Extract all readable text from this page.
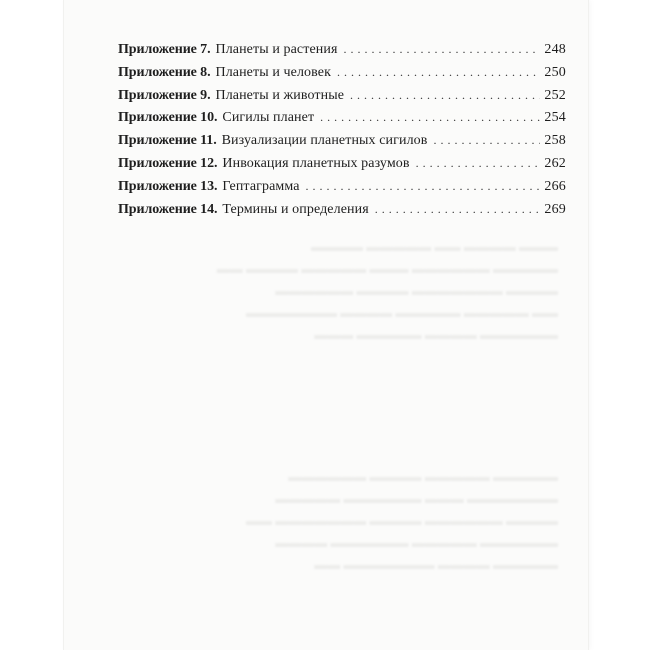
▬▬▬ ▬▬▬▬ ▬▬ ▬▬▬▬▬ ▬▬▬▬
▬▬▬▬▬ ▬▬▬▬▬▬ ▬▬▬ ▬▬▬▬▬ ▬▬▬▬ ▬▬
▬▬▬▬ ▬▬▬▬▬▬▬ ▬▬▬▬ ▬▬▬▬▬▬
▬▬ ▬▬▬▬▬ ▬▬▬▬▬ ▬▬▬▬ ▬▬▬▬▬▬▬
▬▬▬▬▬▬ ▬▬▬▬ ▬▬▬▬▬ ▬▬▬
▬▬▬▬▬ ▬▬▬▬▬ ▬▬▬▬ ▬▬▬▬▬▬
▬▬▬▬▬▬▬ ▬▬▬ ▬▬▬▬▬▬ ▬▬▬▬▬
▬▬▬▬ ▬▬▬▬▬▬ ▬▬▬▬ ▬▬▬▬▬▬▬ ▬▬
▬▬▬▬▬▬ ▬▬▬▬▬ ▬▬▬▬▬▬ ▬▬▬▬
▬▬▬▬▬ ▬▬▬▬ ▬▬▬▬▬▬▬ ▬▬
Приложение 7. Планеты и растения . . .	248
Приложение 8. Планеты и человек . . .	250
Приложение 9. Планеты и животные . . .	252
Приложение 10. Сигилы планет . . .	254
Приложение 11. Визуализации планетных сигилов . . .	258
Приложение 12. Инвокация планетных разумов . . .	262
Приложение 13. Гептаграмма . . .	266
Приложение 14. Термины и определения . . .	269
